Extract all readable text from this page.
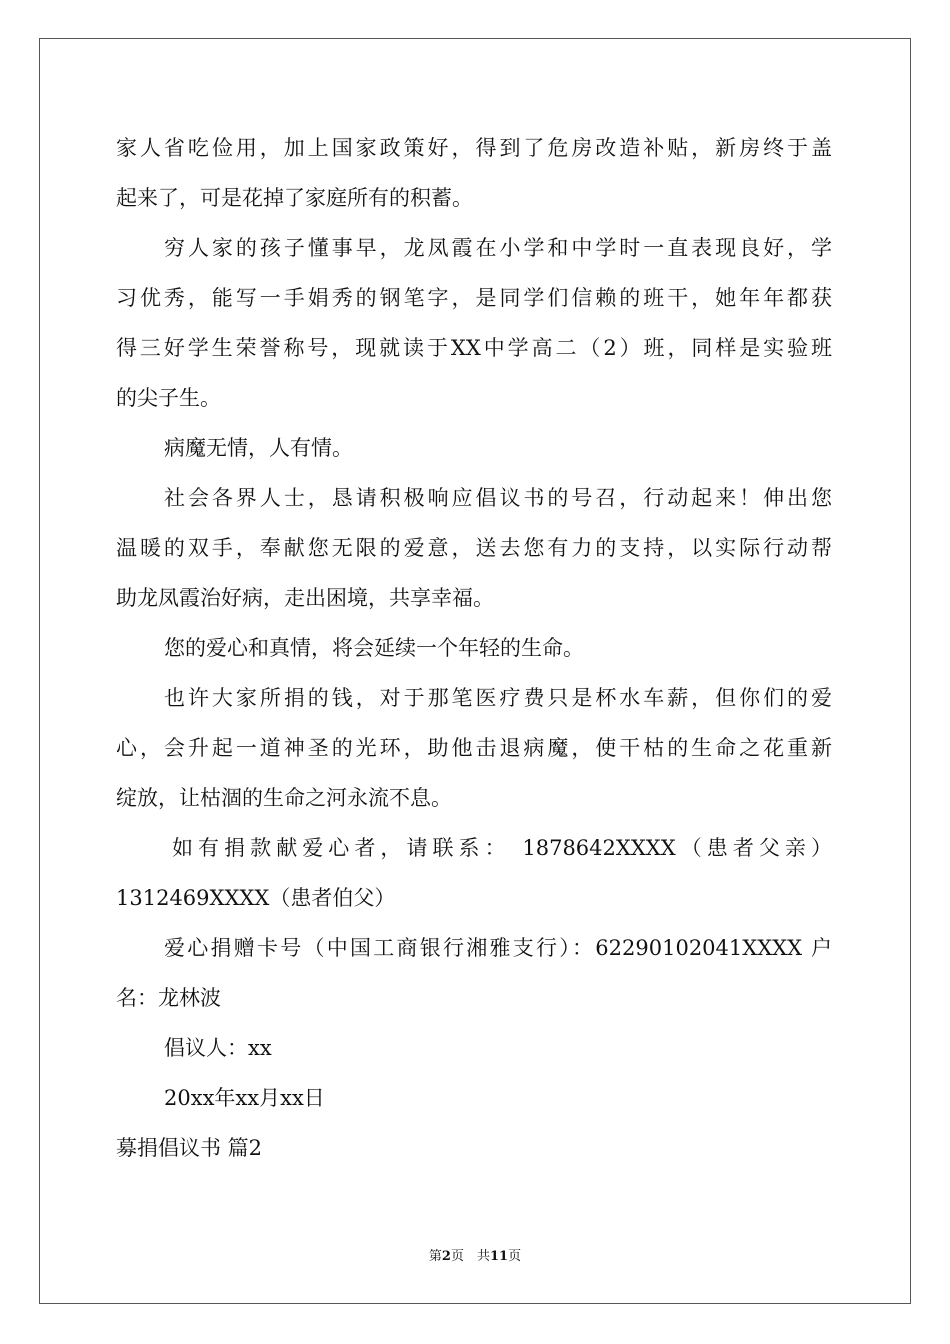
家人省吃俭用，加上国家政策好，得到了危房改造补贴，新房终于盖
起来了，可是花掉了家庭所有的积蓄。
穷人家的孩子懂事早，龙凤霞在小学和中学时一直表现良好，学
习优秀，能写一手娟秀的钢笔字，是同学们信赖的班干，她年年都获
得三好学生荣誉称号，现就读于XX中学高二（2）班，同样是实验班
的尖子生。
病魔无情，人有情。
社会各界人士，恳请积极响应倡议书的号召，行动起来！伸出您
温暖的双手，奉献您无限的爱意，送去您有力的支持，以实际行动帮
助龙凤霞治好病，走出困境，共享幸福。
您的爱心和真情，将会延续一个年轻的生命。
也许大家所捐的钱，对于那笔医疗费只是杯水车薪，但你们的爱
心，会升起一道神圣的光环，助他击退病魔，使干枯的生命之花重新
绽放，让枯涸的生命之河永流不息。
如有捐款献爱心者，请联系： 1878642XXXX（患者父亲）
1312469XXXX（患者伯父）
爱心捐赠卡号（中国工商银行湘雅支行）：62290102041XXXX 户
名：龙林波
倡议人：xx
20xx年xx月xx日
募捐倡议书 篇2
第2页　共11页
